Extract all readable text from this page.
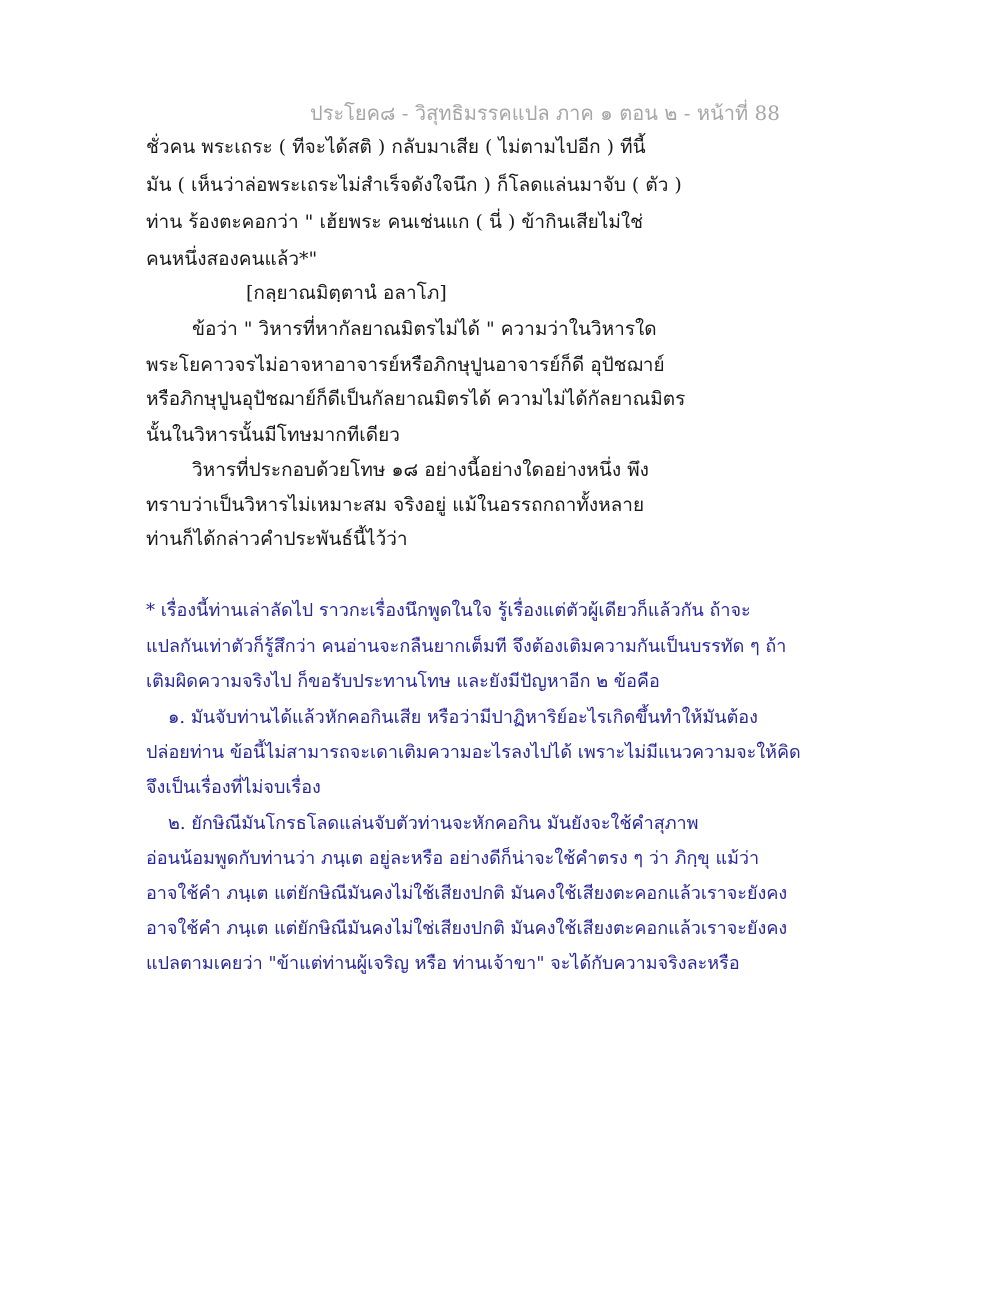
ประโยค๘ - วิสุทธิมรรคแปล ภาค ๑ ตอน ๒ - หน้าที่ 88
ชั่วคน พระเถระ ( ทีจะได้สติ ) กลับมาเสีย ( ไม่ตามไปอีก ) ทีนี้
มัน ( เห็นว่าล่อพระเถระไม่สำเร็จดังใจนึก ) ก็โลดแล่นมาจับ ( ตัว )
ท่าน ร้องตะคอกว่า " เฮ้ยพระ คนเช่นแก ( นี่ ) ข้ากินเสียไม่ใช่
คนหนึ่งสองคนแล้ว*"
[กลฺยาณมิตฺตานํ อลาโภ]
ข้อว่า " วิหารที่หากัลยาณมิตรไม่ได้ " ความว่าในวิหารใด
พระโยคาวจรไม่อาจหาอาจารย์หรือภิกษุปูนอาจารย์ก็ดี อุปัชฌาย์
หรือภิกษุปูนอุปัชฌาย์ก็ดีเป็นกัลยาณมิตรได้ ความไม่ได้กัลยาณมิตร
นั้นในวิหารนั้นมีโทษมากทีเดียว
วิหารที่ประกอบด้วยโทษ ๑๘ อย่างนี้อย่างใดอย่างหนึ่ง พึง
ทราบว่าเป็นวิหารไม่เหมาะสม จริงอยู่ แม้ในอรรถกถาทั้งหลาย
ท่านก็ได้กล่าวคำประพันธ์นี้ไว้ว่า
* เรื่องนี้ท่านเล่าลัดไป ราวกะเรื่องนึกพูดในใจ รู้เรื่องแต่ตัวผู้เดียวก็แล้วกัน ถ้าจะ
แปลกันเท่าตัวก็รู้สึกว่า คนอ่านจะกลืนยากเต็มที จึงต้องเติมความกันเป็นบรรทัด ๆ ถ้า
เติมผิดความจริงไป ก็ขอรับประทานโทษ และยังมีปัญหาอีก ๒ ข้อคือ
๑. มันจับท่านได้แล้วหักคอกินเสีย หรือว่ามีปาฏิหาริย์อะไรเกิดขึ้นทำให้มันต้อง
ปล่อยท่าน ข้อนี้ไม่สามารถจะเดาเติมความอะไรลงไปได้ เพราะไม่มีแนวความจะให้คิด
จึงเป็นเรื่องที่ไม่จบเรื่อง
๒. ยักษิณีมันโกรธโลดแล่นจับตัวท่านจะหักคอกิน มันยังจะใช้คำสุภาพ
อ่อนน้อมพูดกับท่านว่า ภนฺเต อยู่ละหรือ อย่างดีก็น่าจะใช้คำตรง ๆ ว่า ภิกฺขุ แม้ว่า
อาจใช้คำ ภนฺเต แต่ยักษิณีมันคงไม่ใช้เสียงปกติ มันคงใช้เสียงตะคอกแล้วเราจะยังคง
อาจใช้คำ ภนฺเต แต่ยักษิณีมันคงไม่ใช่เสียงปกติ มันคงใช้เสียงตะคอกแล้วเราจะยังคง
แปลตามเคยว่า "ข้าแต่ท่านผู้เจริญ หรือ ท่านเจ้าขา" จะได้กับความจริงละหรือ
